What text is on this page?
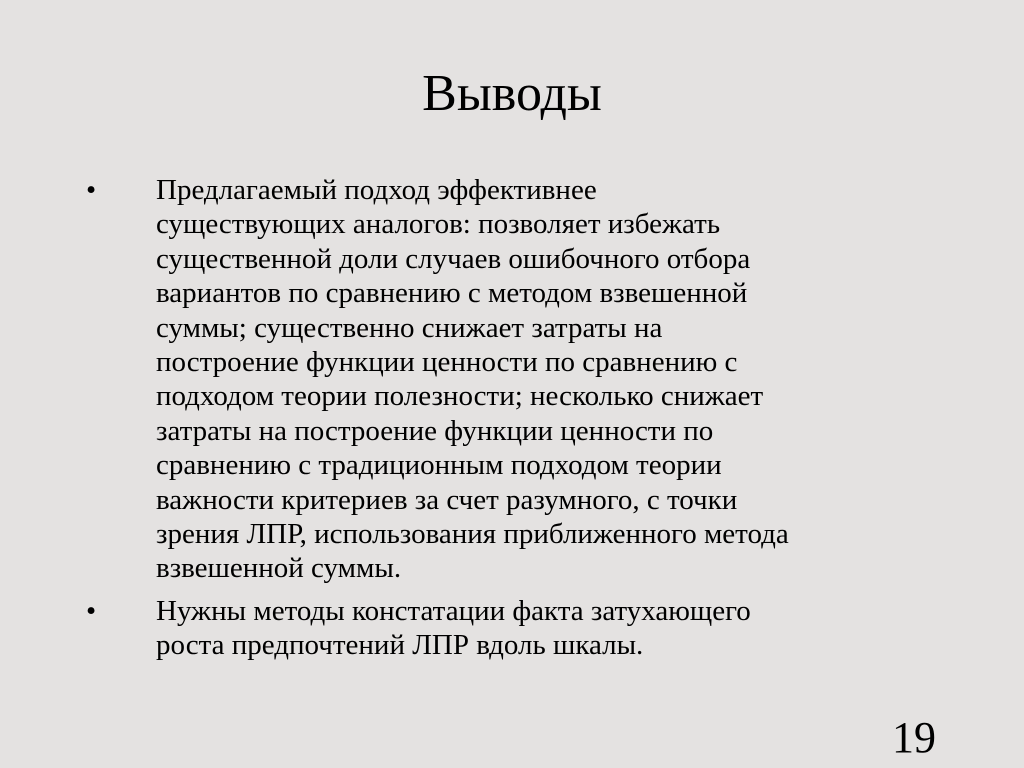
Выводы
•	Предлагаемый подход эффективнее
существующих аналогов: позволяет избежать
существенной доли случаев ошибочного отбора
вариантов по сравнению с методом взвешенной
суммы; существенно снижает затраты на
построение функции ценности по сравнению с
подходом теории полезности; несколько снижает
затраты на построение функции ценности по
сравнению с традиционным подходом теории
важности критериев за счет разумного, с точки
зрения ЛПР, использования приближенного метода
взвешенной суммы.
•	Нужны методы констатации факта затухающего
роста предпочтений ЛПР вдоль шкалы.
19
